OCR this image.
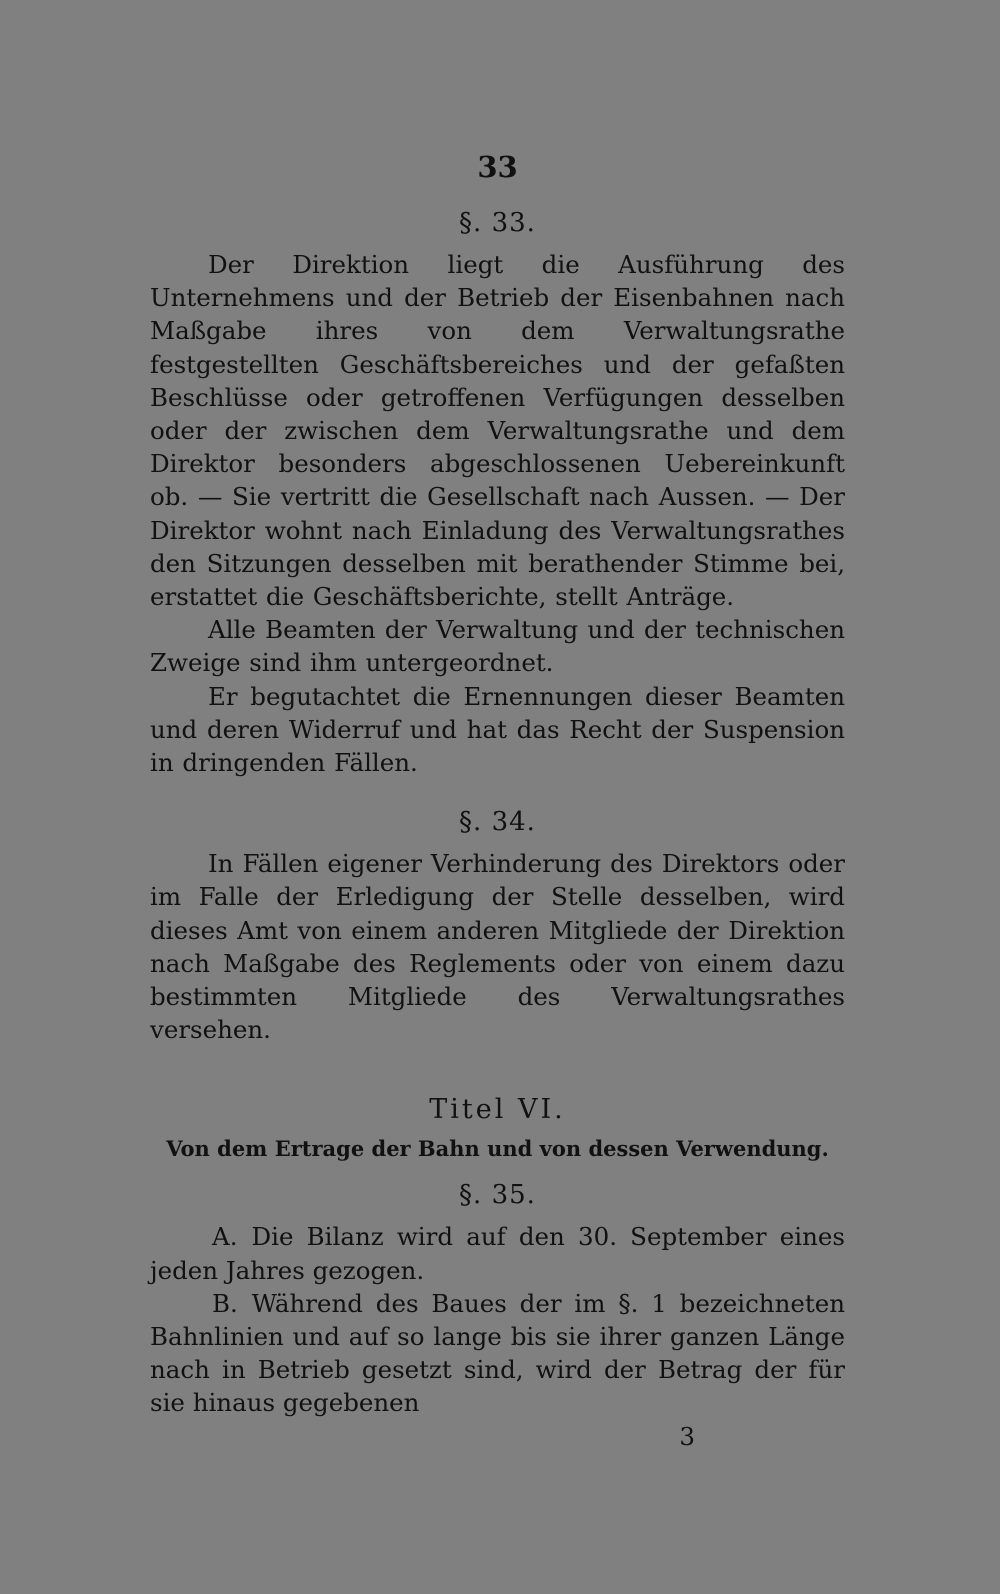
33
§. 33.

Der Direktion liegt die Ausführung des Unternehmens und der Betrieb der Eisenbahnen nach Maßgabe ihres von dem Verwaltungsrathe festgestellten Geschäftsbereiches und der gefaßten Beschlüsse oder getroffenen Verfügungen desselben oder der zwischen dem Verwaltungsrathe und dem Direktor besonders abgeschlossenen Uebereinkunft ob. — Sie vertritt die Gesellschaft nach Aussen. — Der Direktor wohnt nach Einladung des Verwaltungsrathes den Sitzungen desselben mit berathender Stimme bei, erstattet die Geschäftsberichte, stellt Anträge.

Alle Beamten der Verwaltung und der technischen Zweige sind ihm untergeordnet.

Er begutachtet die Ernennungen dieser Beamten und deren Widerruf und hat das Recht der Suspension in dringenden Fällen.

§. 34.

In Fällen eigener Verhinderung des Direktors oder im Falle der Erledigung der Stelle desselben, wird dieses Amt von einem anderen Mitgliede der Direktion nach Maßgabe des Reglements oder von einem dazu bestimmten Mitgliede des Verwaltungsrathes versehen.

Titel VI.
Von dem Ertrage der Bahn und von dessen Verwendung.
§. 35.

A. Die Bilanz wird auf den 30. September eines jeden Jahres gezogen.

B. Während des Baues der im §. 1 bezeichneten Bahnlinien und auf so lange bis sie ihrer ganzen Länge nach in Betrieb gesetzt sind, wird der Betrag der für sie hinaus gegebenen

3
